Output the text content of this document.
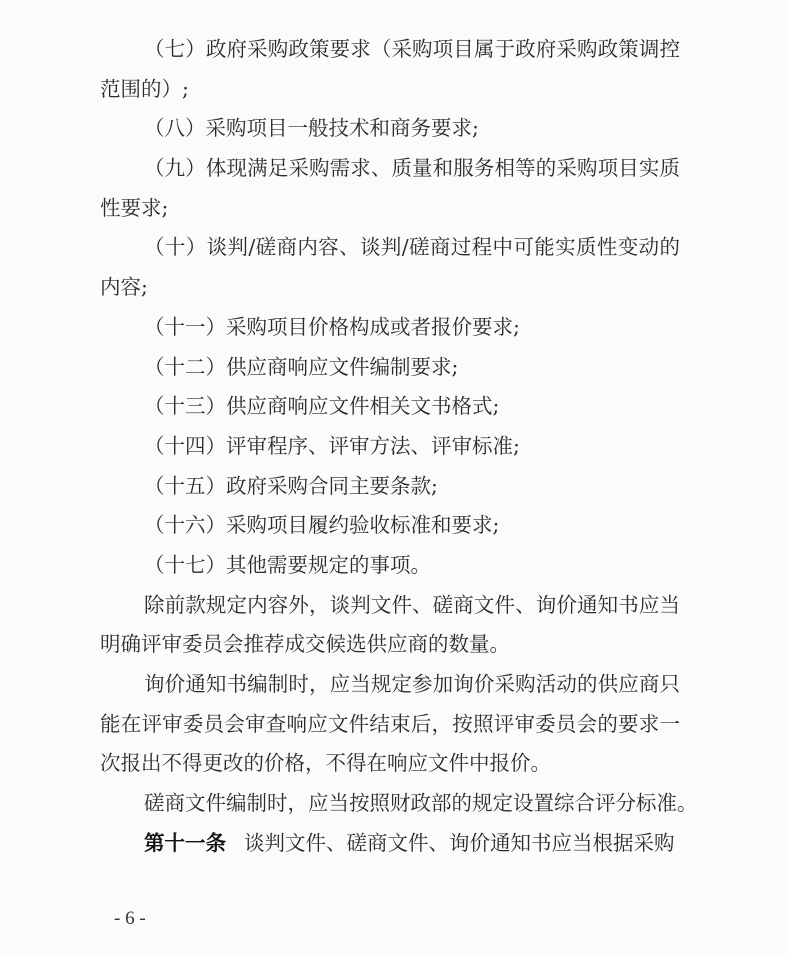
（七）政府采购政策要求（采购项目属于政府采购政策调控
范围的）;
（八）采购项目一般技术和商务要求;
（九）体现满足采购需求、质量和服务相等的采购项目实质
性要求;
（十）谈判/磋商内容、谈判/磋商过程中可能实质性变动的
内容;
（十一）采购项目价格构成或者报价要求;
（十二）供应商响应文件编制要求;
（十三）供应商响应文件相关文书格式;
（十四）评审程序、评审方法、评审标准;
（十五）政府采购合同主要条款;
（十六）采购项目履约验收标准和要求;
（十七）其他需要规定的事项。
除前款规定内容外，谈判文件、磋商文件、询价通知书应当
明确评审委员会推荐成交候选供应商的数量。
询价通知书编制时，应当规定参加询价采购活动的供应商只
能在评审委员会审查响应文件结束后，按照评审委员会的要求一
次报出不得更改的价格，不得在响应文件中报价。
磋商文件编制时，应当按照财政部的规定设置综合评分标准。
第十一条 谈判文件、磋商文件、询价通知书应当根据采购
- 6 -
